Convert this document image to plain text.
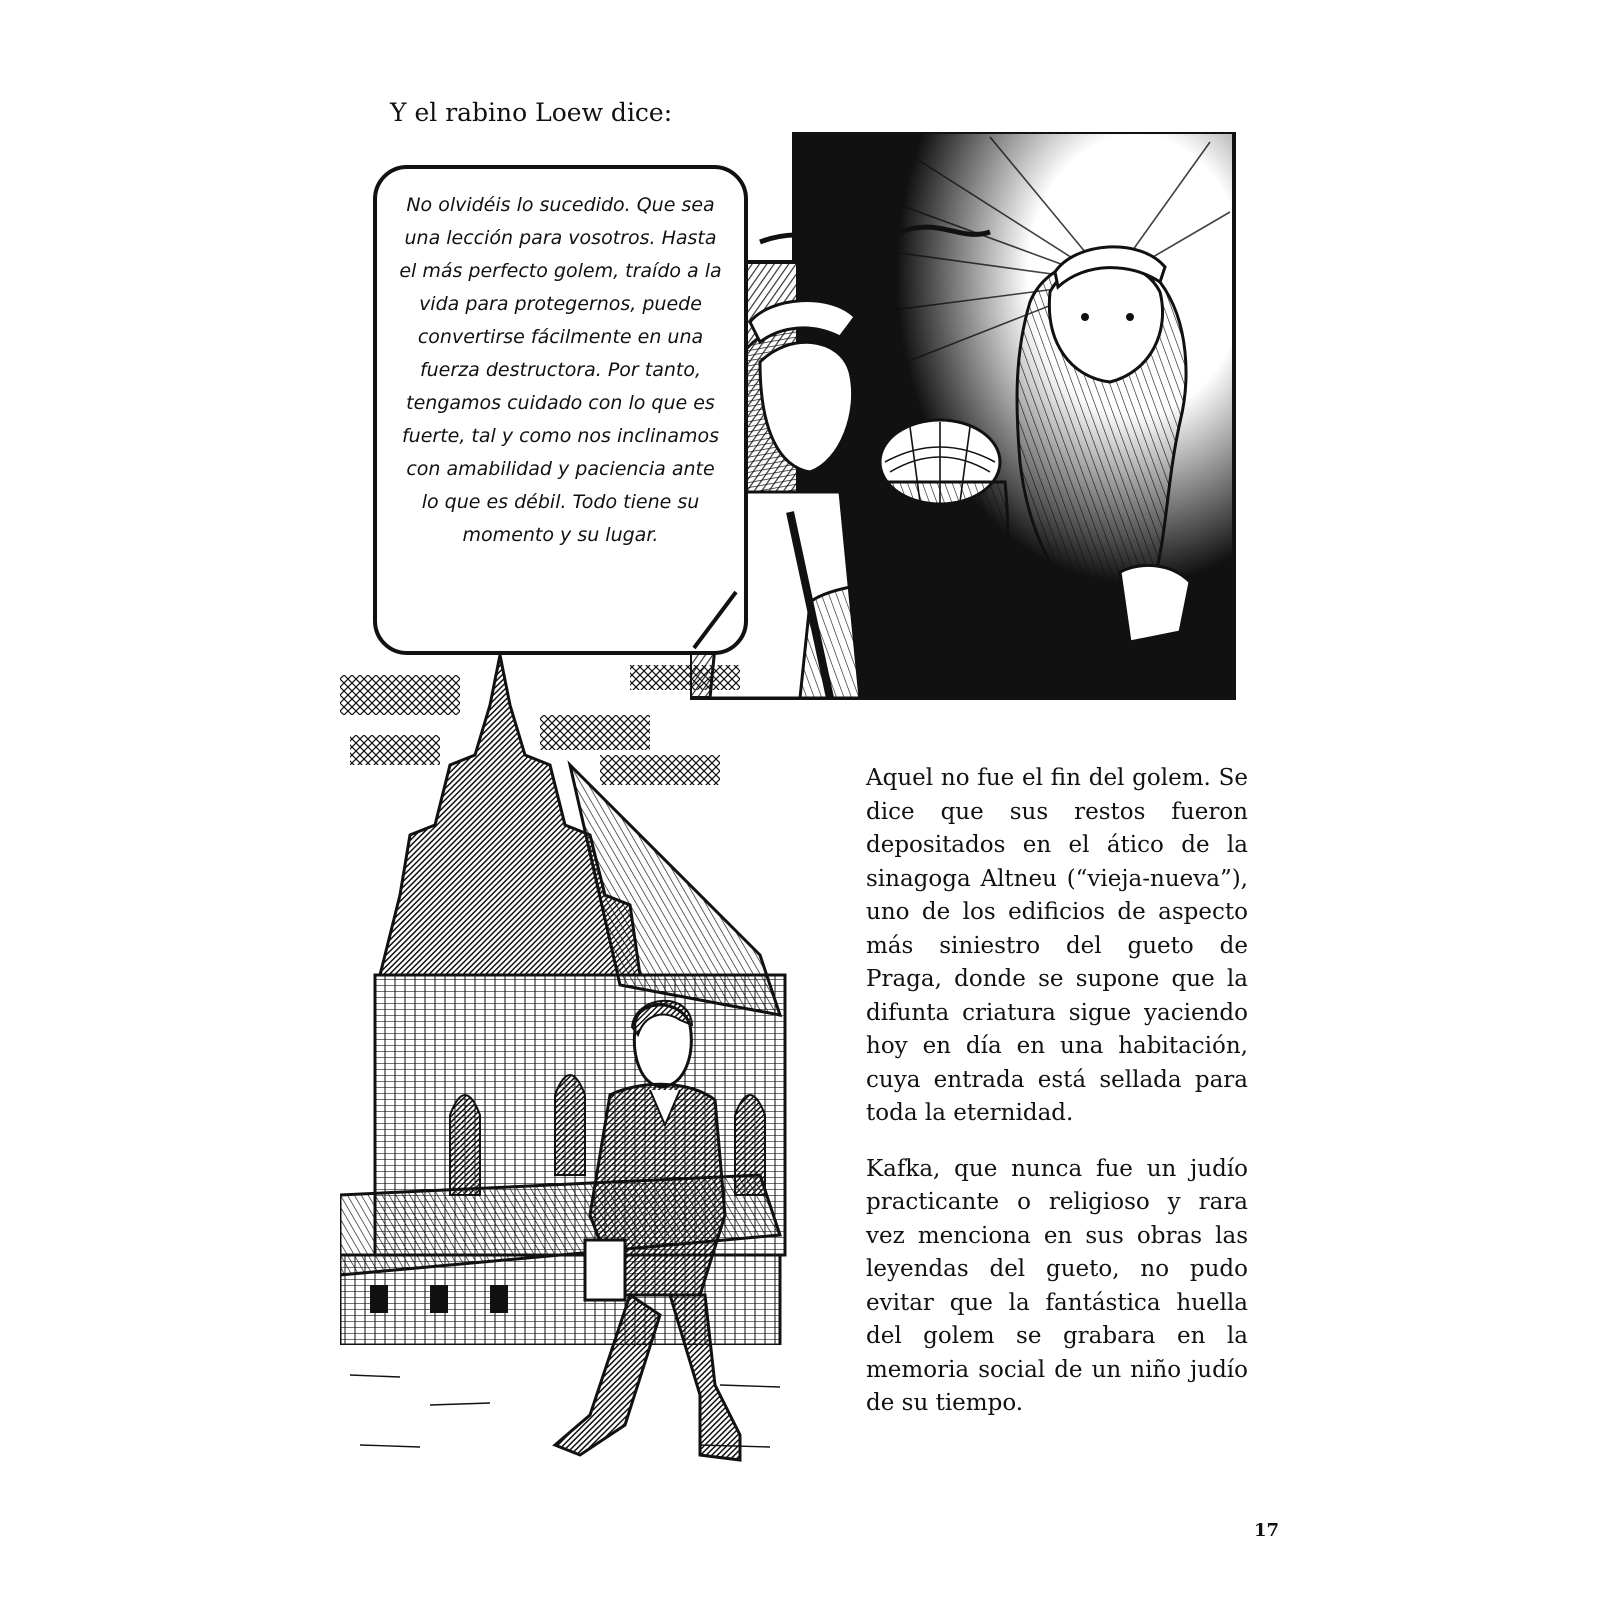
Y el rabino Loew dice:

No olvidéis lo sucedido. Que sea una lección para vosotros. Hasta el más perfecto golem, traído a la vida para protegernos, puede convertirse fácilmente en una fuerza destructora. Por tanto, tengamos cuidado con lo que es fuerte, tal y como nos inclinamos con amabilidad y paciencia ante lo que es débil. Todo tiene su momento y su lugar.

Aquel no fue el fin del golem. Se dice que sus restos fueron depositados en el ático de la sinagoga Altneu (“vieja-nueva”), uno de los edificios de aspecto más siniestro del gueto de Praga, donde se supone que la difunta criatura sigue yaciendo hoy en día en una habitación, cuya entrada está sellada para toda la eternidad.

Kafka, que nunca fue un judío practicante o religioso y rara vez menciona en sus obras las leyendas del gueto, no pudo evitar que la fantástica huella del golem se grabara en la memoria social de un niño judío de su tiempo.

17
